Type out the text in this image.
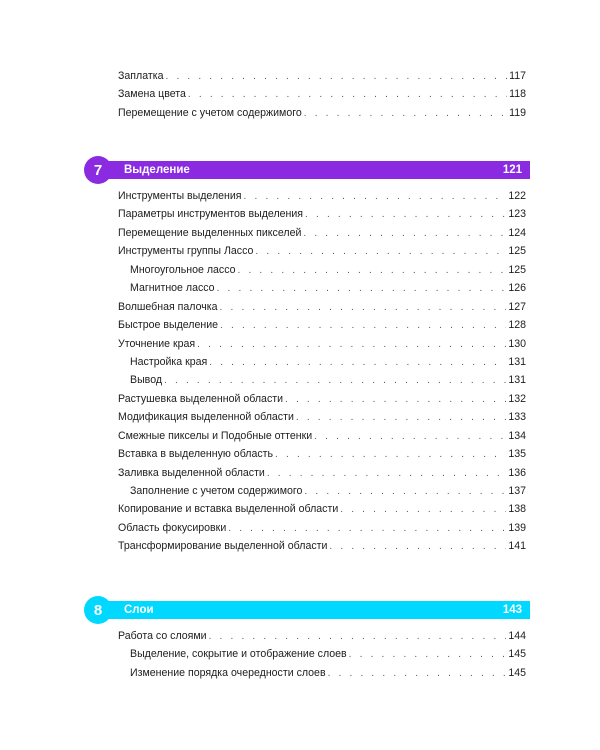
Заплатка . . .	117
Замена цвета . . .	118
Перемещение с учетом содержимого . . .	119
Выделение	121
7
Инструменты выделения . . .	122
Параметры инструментов выделения . . .	123
Перемещение выделенных пикселей . . .	124
Инструменты группы Лассо . . .	125
Многоугольное лассо . . .	125
Магнитное лассо . . .	126
Волшебная палочка . . .	127
Быстрое выделение . . .	128
Уточнение края . . .	130
Настройка края . . .	131
Вывод . . .	131
Растушевка выделенной области . . .	132
Модификация выделенной области . . .	133
Смежные пикселы и Подобные оттенки . . .	134
Вставка в выделенную область . . .	135
Заливка выделенной области . . .	136
Заполнение с учетом содержимого . . .	137
Копирование и вставка выделенной области . . .	138
Область фокусировки . . .	139
Трансформирование выделенной области . . .	141
Слои	143
8
Работа со слоями . . .	144
Выделение, сокрытие и отображение слоев . . .	145
Изменение порядка очередности слоев . . .	145
